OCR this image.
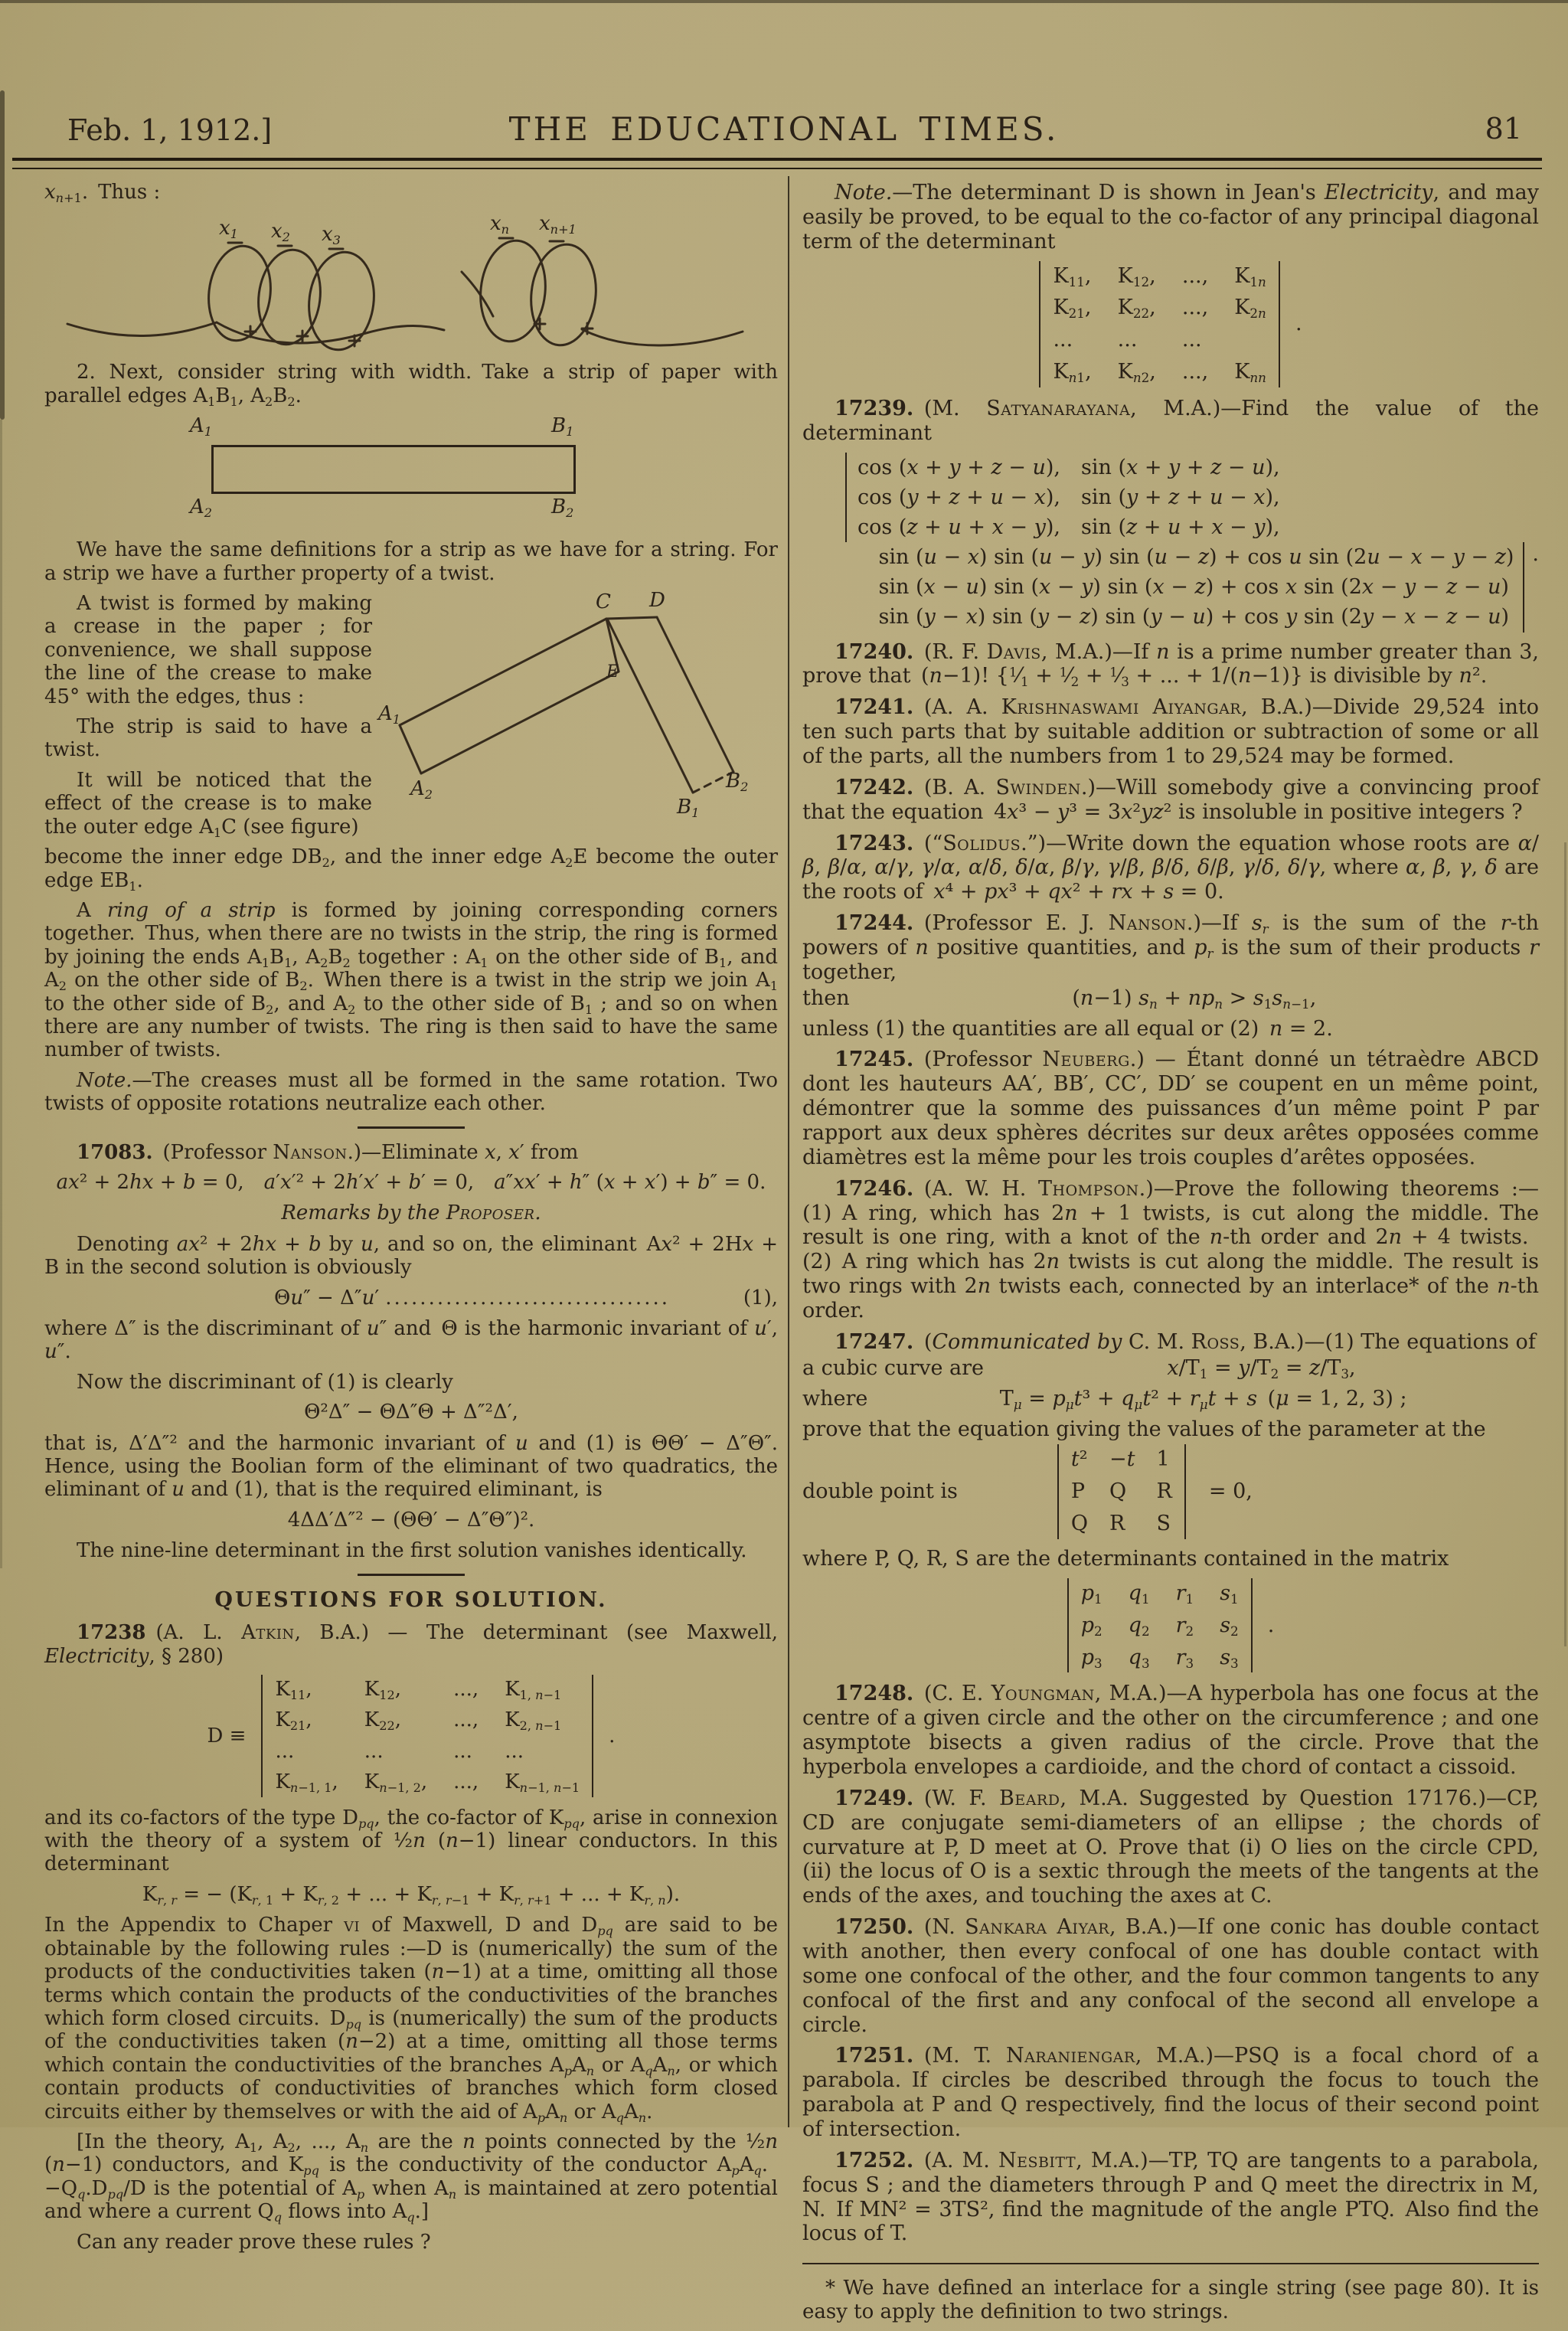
Feb. 1, 1912.]	THE EDUCATIONAL TIMES.	81

$x_{n+1}$. Thus :

$x_1$ $x_2$ $x_3$
$x_n$ $x_{n+1}$

2. Next, consider string with width. Take a strip of paper with parallel edges $A_1B_1$, $A_2B_2$.

$A_1$	$B_1$
$A_2$	$B_2$

We have the same definitions for a strip as we have for a string. For a strip we have a further property of a twist.

$A_1$
$A_2$
C D
E
$B_1$
$B_2$

A twist is formed by making a crease in the paper ; for convenience, we shall suppose the line of the crease to make 45° with the edges, thus :

The strip is said to have a twist.

It will be noticed that the effect of the crease is to make the outer edge $A_1C$ (see figure)

become the inner edge $DB_2$, and the inner edge $A_2E$ become the outer edge $EB_1$.

A ring of a strip is formed by joining corresponding corners together. Thus, when there are no twists in the strip, the ring is formed by joining the ends $A_1B_1$, $A_2B_2$ together : $A_1$ on the other side of $B_1$, and $A_2$ on the other side of $B_2$. When there is a twist in the strip we join $A_1$ to the other side of $B_2$, and $A_2$ to the other side of $B_1$ ; and so on when there are any number of twists. The ring is then said to have the same number of twists.

Note.—The creases must all be formed in the same rotation. Two twists of opposite rotations neutralize each other.

17083. (Professor Nanson.)—Eliminate x, x′ from

ax² + 2hx + b = 0, a′x′² + 2h′x′ + b′ = 0, a″xx′ + h″ (x + x′) + b″ = 0.
Remarks by the Proposer.

Denoting ax² + 2hx + b by u, and so on, the eliminant Ax² + 2Hx + B in the second solution is obviously

Θu″ − Δ″u′ .................................	(1),

where Δ″ is the discriminant of u″ and Θ is the harmonic invariant of u′, u″.

Now the discriminant of (1) is clearly

Θ²Δ″ − ΘΔ″Θ + Δ″²Δ′,

that is, Δ′Δ″² and the harmonic invariant of u and (1) is ΘΘ′ − Δ″Θ″. Hence, using the Boolian form of the eliminant of two quadratics, the eliminant of u and (1), that is the required eliminant, is

4ΔΔ′Δ″² − (ΘΘ′ − Δ″Θ″)².

The nine-line determinant in the first solution vanishes identically.

QUESTIONS FOR SOLUTION.

17238 (A. L. Atkin, B.A.) — The determinant (see Maxwell, Electricity, § 280)

D ≡
$K_{11}$,	$K_{12}$,	..., $K_{1, n-1}$
$K_{21}$,	$K_{22}$,	..., $K_{2, n-1}$
...	...	... ...
$K_{n-1, 1}$, $K_{n-1, 2}$, ..., $K_{n-1, n-1}$
.

and its co-factors of the type $D_{pq}$, the co-factor of $K_{pq}$, arise in connexion with the theory of a system of ½n (n−1) linear conductors. In this determinant

$K_{r, r}$ = − ($K_{r, 1} + K_{r, 2}$ + ... + $K_{r, r-1} + K_{r, r+1}$ + ... + $K_{r, n}$).

In the Appendix to Chaper vi of Maxwell, D and $D_{pq}$ are said to be obtainable by the following rules :—D is (numerically) the sum of the products of the conductivities taken (n−1) at a time, omitting all those terms which contain the products of the conductivities of the branches which form closed circuits. $D_{pq}$ is (numerically) the sum of the products of the conductivities taken (n−2) at a time, omitting all those terms which contain the conductivities of the branches $A_pA_n$ or $A_qA_n$, or which contain products of conductivities of branches which form closed circuits either by themselves or with the aid of $A_pA_n$ or $A_qA_n$.

[In the theory, $A_1$, $A_2$, ..., $A_n$ are the n points connected by the ½n (n−1) conductors, and $K_{pq}$ is the conductivity of the conductor $A_pA_q$. $-Q_q.D_{pq}/D$ is the potential of $A_p$ when $A_n$ is maintained at zero potential and where a current $Q_q$ flows into $A_q$.]

Can any reader prove these rules ?

Note.—The determinant D is shown in Jean's Electricity, and may easily be proved, to be equal to the co-factor of any principal diagonal term of the determinant

$K_{11}$, $K_{12}$, ..., $K_{1n}$
$K_{21}$, $K_{22}$, ..., $K_{2n}$
... ... ...
$K_{n1}$, $K_{n2}$, ..., $K_{nn}$
.

17239. (M. Satyanarayana, M.A.)—Find the value of the determinant

cos (x + y + z − u), sin (x + y + z − u),
cos (y + z + u − x), sin (y + z + u − x),
cos (z + u + x − y), sin (z + u + x − y),
sin (u − x) sin (u − y) sin (u − z) + cos u sin (2u − x − y − z)
sin (x − u) sin (x − y) sin (x − z) + cos x sin (2x − y − z − u)
sin (y − x) sin (y − z) sin (y − u) + cos y sin (2y − x − z − u)
.

17240. (R. F. Davis, M.A.)—If n is a prime number greater than 3, prove that (n−1)! {$^1⁄_1$ + $^1⁄_2$ + $^1⁄_3$ + ... + 1/(n−1)} is divisible by n².

17241. (A. A. Krishnaswami Aiyangar, B.A.)—Divide 29,524 into ten such parts that by suitable addition or subtraction of some or all of the parts, all the numbers from 1 to 29,524 may be formed.

17242. (B. A. Swinden.)—Will somebody give a convincing proof that the equation 4x³ − y³ = 3x²yz² is insoluble in positive integers ?

17243. (“Solidus.”)—Write down the equation whose roots are α/β, β/α, α/γ, γ/α, α/δ, δ/α, β/γ, γ/β, β/δ, δ/β, γ/δ, δ/γ, where α, β, γ, δ are the roots of x⁴ + px³ + qx² + rx + s = 0.

17244. (Professor E. J. Nanson.)—If $s_r$ is the sum of the r-th powers of n positive quantities, and $p_r$ is the sum of their products r together,

then	(n−1) $s_n + np_n > s_1s_{n-1}$,

unless (1) the quantities are all equal or (2) n = 2.

17245. (Professor Neuberg.) — Étant donné un tétraèdre ABCD dont les hauteurs AA′, BB′, CC′, DD′ se coupent en un même point, démontrer que la somme des puissances d’un même point P par rapport aux deux sphères décrites sur deux arêtes opposées comme diamètres est la même pour les trois couples d’arêtes opposées.

17246. (A. W. H. Thompson.)—Prove the following theorems :— (1) A ring, which has 2n + 1 twists, is cut along the middle. The result is one ring, with a knot of the n-th order and 2n + 4 twists. (2) A ring which has 2n twists is cut along the middle. The result is two rings with 2n twists each, connected by an interlace* of the n-th order.

17247. (Communicated by C. M. Ross, B.A.)—(1) The equations of

a cubic curve are	$x/T_1 = y/T_2 = z/T_3$,
where	$T_\mu = p_\mu t^3 + q_\mu t^2 + r_\mu t + s$ (μ = 1, 2, 3) ;

prove that the equation giving the values of the parameter at the

double point is
t² −t 1
P Q R
Q R S
= 0,

where P, Q, R, S are the determinants contained in the matrix

$p_1$ $q_1$ $r_1$ $s_1$
$p_2$ $q_2$ $r_2$ $s_2$
$p_3$ $q_3$ $r_3$ $s_3$
.

17248. (C. E. Youngman, M.A.)—A hyperbola has one focus at the centre of a given circle and the other on the circumference ; and one asymptote bisects a given radius of the circle. Prove that the hyperbola envelopes a cardioide, and the chord of contact a cissoid.

17249. (W. F. Beard, M.A. Suggested by Question 17176.)—CP, CD are conjugate semi-diameters of an ellipse ; the chords of curvature at P, D meet at O. Prove that (i) O lies on the circle CPD, (ii) the locus of O is a sextic through the meets of the tangents at the ends of the axes, and touching the axes at C.

17250. (N. Sankara Aiyar, B.A.)—If one conic has double contact with another, then every confocal of one has double contact with some one confocal of the other, and the four common tangents to any confocal of the first and any confocal of the second all envelope a circle.

17251. (M. T. Naraniengar, M.A.)—PSQ is a focal chord of a parabola. If circles be described through the focus to touch the parabola at P and Q respectively, find the locus of their second point of intersection.

17252. (A. M. Nesbitt, M.A.)—TP, TQ are tangents to a parabola, focus S ; and the diameters through P and Q meet the directrix in M, N. If MN² = 3TS², find the magnitude of the angle PTQ. Also find the locus of T.

* We have defined an interlace for a single string (see page 80). It is easy to apply the definition to two strings.
